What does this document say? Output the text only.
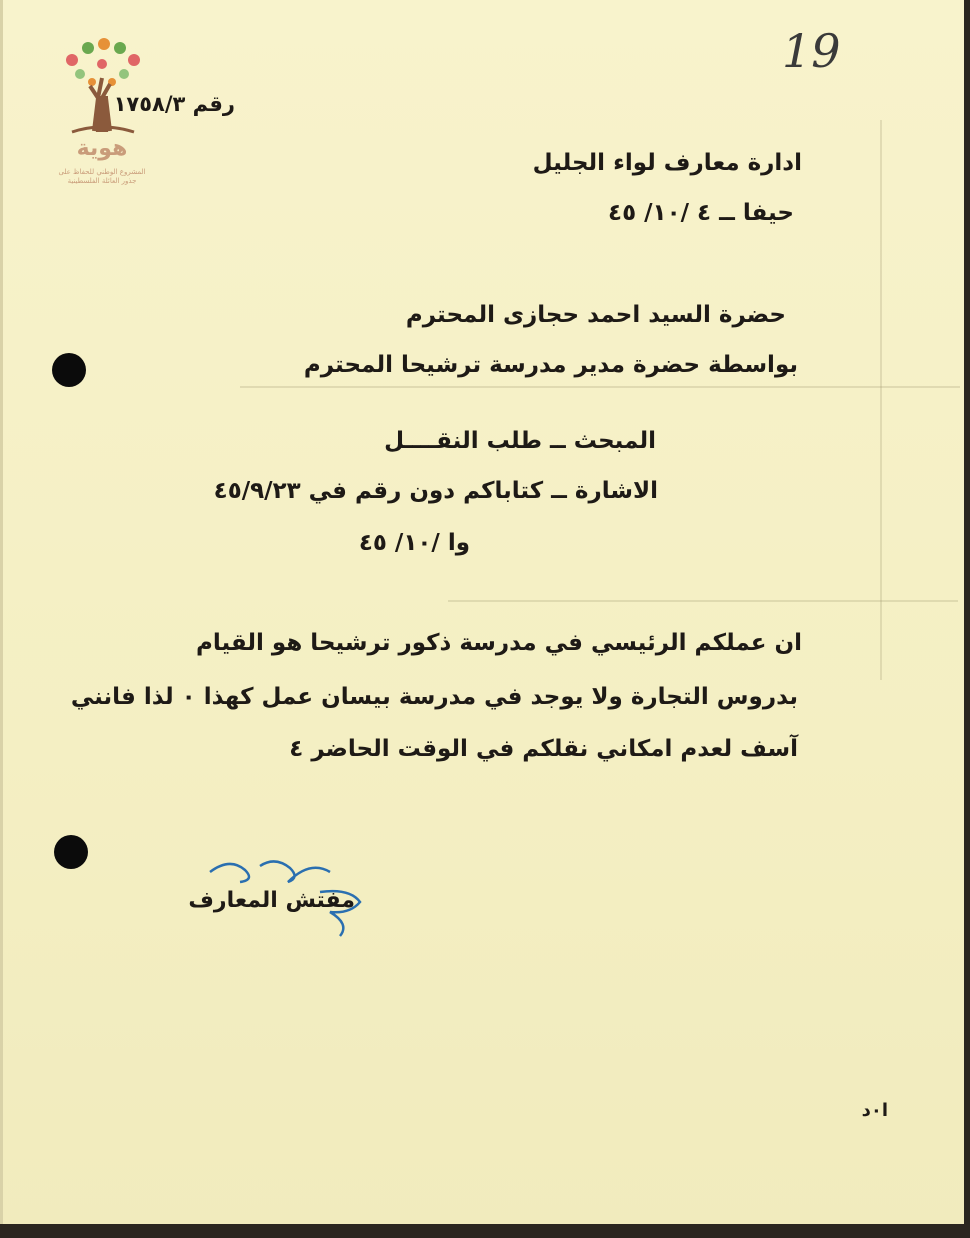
هوية
المشروع الوطني للحفاظ على
جذور العائلة الفلسطينية
19
رقم ١٧٥٨/٣
ادارة معارف لواء الجليل
حيفا ــ ٤ /١٠/ ٤٥
حضرة السيد احمد حجازى المحترم
بواسطة حضرة مدير مدرسة ترشيحا المحترم
المبحث ــ طلب النقــــل
الاشارة ــ كتاباكم دون رقم في ٤٥/٩/٢٣
وا /١٠/ ٤٥
ان عملكم الرئيسي في مدرسة ذكور ترشيحا هو القيام
بدروس التجارة ولا يوجد في مدرسة بيسان عمل كهذا ٠ لذا فانني
آسف لعدم امكاني نقلكم في الوقت الحاضر ٤
مفتش المعارف
ا٠د
